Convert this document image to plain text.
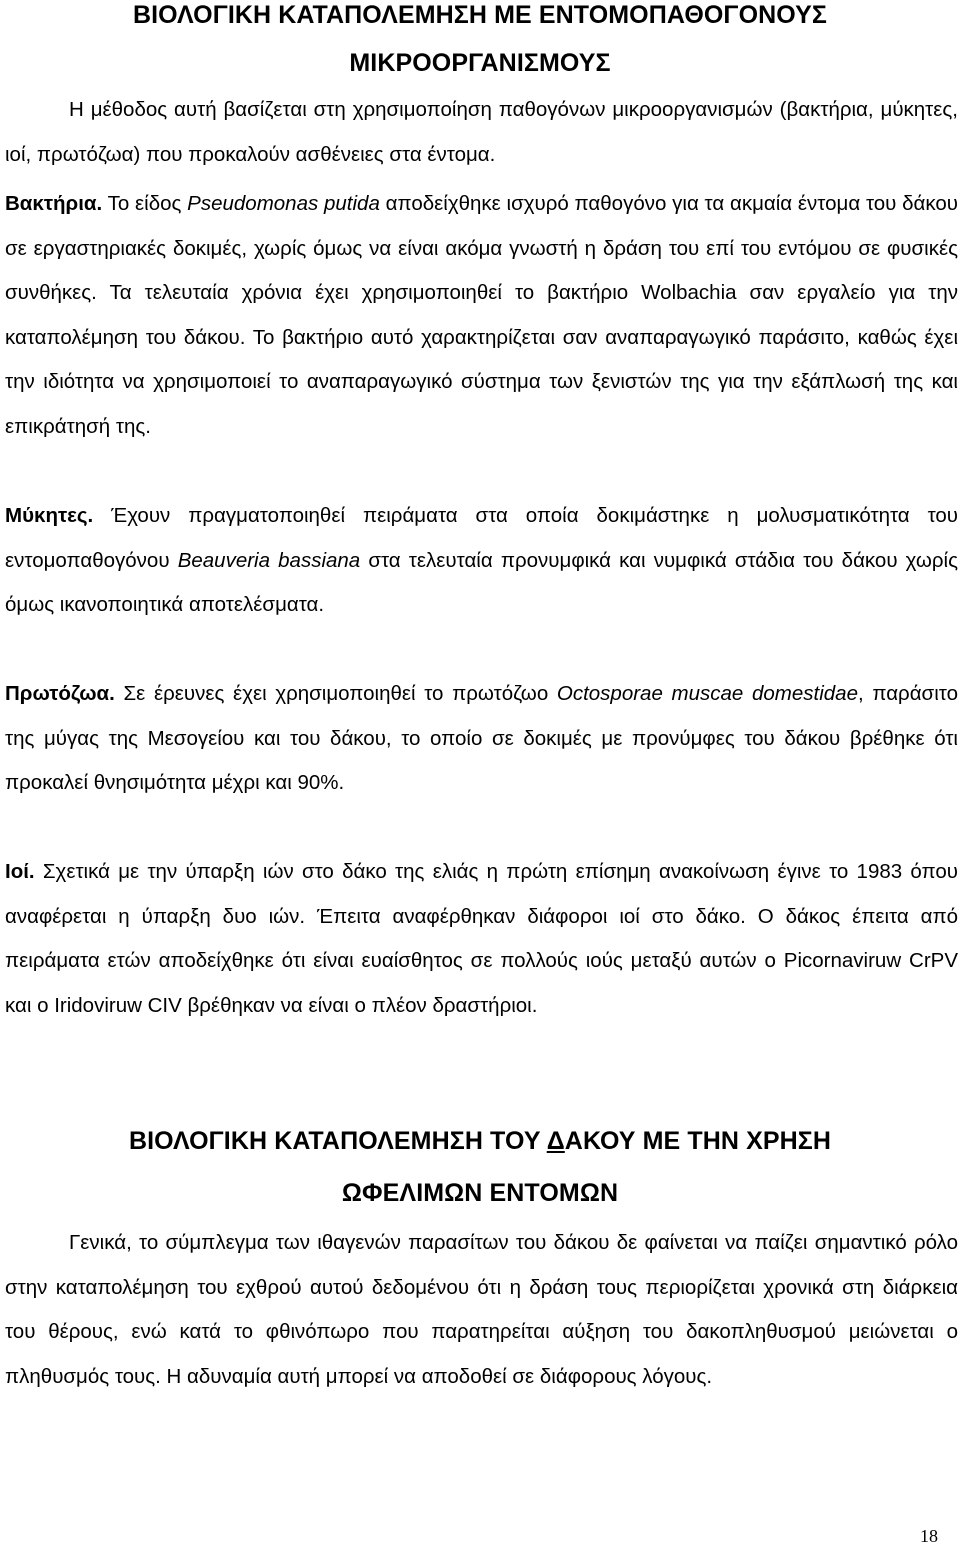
ΒΙΟΛΟΓΙΚΗ ΚΑΤΑΠΟΛΕΜΗΣΗ ΜΕ ΕΝΤΟΜΟΠΑΘΟΓΟΝΟΥΣ
ΜΙΚΡΟΟΡΓΑΝΙΣΜΟΥΣ

Η μέθοδος αυτή βασίζεται στη χρησιμοποίηση παθογόνων μικροοργανισμών (βακτήρια, μύκητες, ιοί, πρωτόζωα) που προκαλούν ασθένειες στα έντομα.

Βακτήρια. Το είδος Pseudomonas putida αποδείχθηκε ισχυρό παθογόνο για τα ακμαία έντομα του δάκου σε εργαστηριακές δοκιμές, χωρίς όμως να είναι ακόμα γνωστή η δράση του επί του εντόμου σε φυσικές συνθήκες. Τα τελευταία χρόνια έχει χρησιμοποιηθεί το βακτήριο Wolbachia σαν εργαλείο για την καταπολέμηση του δάκου. Το βακτήριο αυτό χαρακτηρίζεται σαν αναπαραγωγικό παράσιτο, καθώς έχει την ιδιότητα να χρησιμοποιεί το αναπαραγωγικό σύστημα των ξενιστών της για την εξάπλωσή της και επικράτησή της.

Μύκητες. Έχουν πραγματοποιηθεί πειράματα στα οποία δοκιμάστηκε η μολυσματικότητα του εντομοπαθογόνου Beauveria bassiana στα τελευταία προνυμφικά και νυμφικά στάδια του δάκου χωρίς όμως ικανοποιητικά αποτελέσματα.

Πρωτόζωα. Σε έρευνες έχει χρησιμοποιηθεί το πρωτόζωο Octosporae muscae domestidae, παράσιτο της μύγας της Μεσογείου και του δάκου, το οποίο σε δοκιμές με προνύμφες του δάκου βρέθηκε ότι προκαλεί θνησιμότητα μέχρι και 90%.

Ιοί. Σχετικά με την ύπαρξη ιών στο δάκο της ελιάς η πρώτη επίσημη ανακοίνωση έγινε το 1983 όπου αναφέρεται η ύπαρξη δυο ιών. Έπειτα αναφέρθηκαν διάφοροι ιοί στο δάκο. Ο δάκος έπειτα από πειράματα ετών αποδείχθηκε ότι είναι ευαίσθητος σε πολλούς ιούς μεταξύ αυτών ο Picornaviruw CrPV και ο Iridoviruw CIV βρέθηκαν να είναι ο πλέον δραστήριοι.

ΒΙΟΛΟΓΙΚΗ ΚΑΤΑΠΟΛΕΜΗΣΗ ΤΟΥ ΔΑΚΟΥ ΜΕ ΤΗΝ ΧΡΗΣΗ
ΩΦΕΛΙΜΩΝ ΕΝΤΟΜΩΝ

Γενικά, το σύμπλεγμα των ιθαγενών παρασίτων του δάκου δε φαίνεται να παίζει σημαντικό ρόλο στην καταπολέμηση του εχθρού αυτού δεδομένου ότι η δράση τους περιορίζεται χρονικά στη διάρκεια του θέρους, ενώ κατά το φθινόπωρο που παρατηρείται αύξηση του δακοπληθυσμού μειώνεται ο πληθυσμός τους. Η αδυναμία αυτή μπορεί να αποδοθεί σε διάφορους λόγους.

18
